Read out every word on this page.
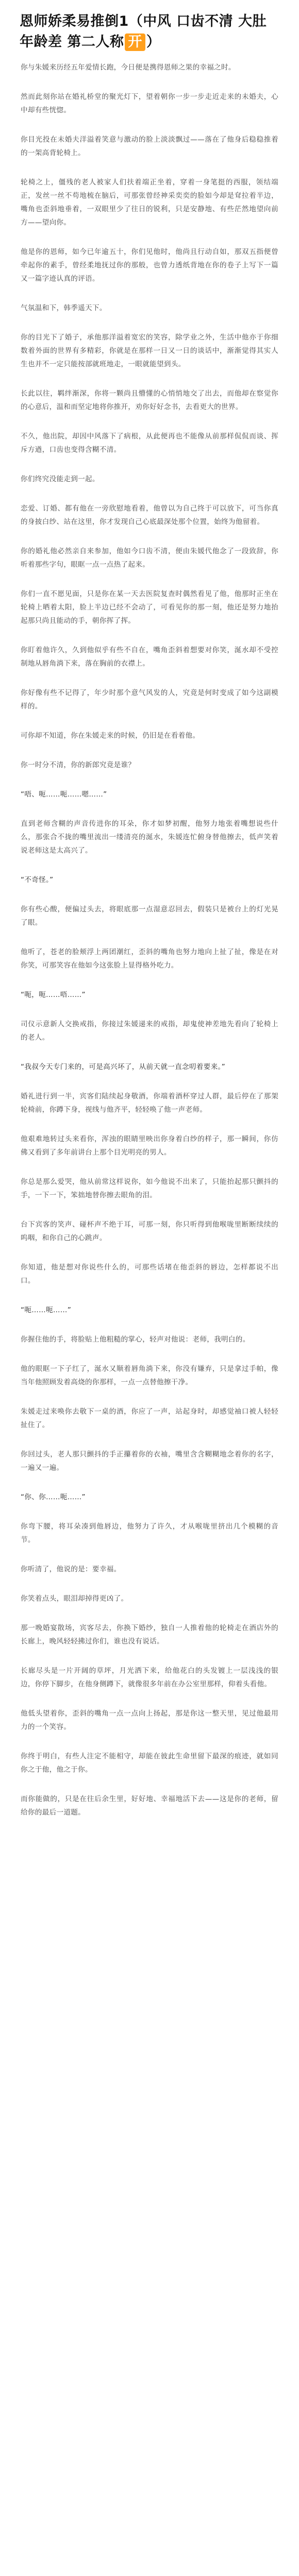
恩师娇柔易推倒1（中风 口齿不清 大肚 年龄差 第二人称 开 ）

你与朱媛来历经五年爱情长跑，今日便是携得恩师之果的幸福之时。

然而此刻你站在婚礼桥堂的聚光灯下，望着朝你一步一步走近走来的未婚夫，心中却有些恍惚。

你目光投在未婚夫洋溢着笑意与激动的脸上淡淡飘过——落在了他身后稳稳推着的一架高背轮椅上。

轮椅之上，僵残的老人被家人们扶着端正坐着，穿着一身笔挺的西服，领结端正，发丝一丝不苟地梳在脑后，可那张曾经神采奕奕的脸如今却是耷拉着半边，嘴角也歪斜地垂着，一双眼里少了往日的锐利，只是安静地、有些茫然地望向前方——望向你。

他是你的恩师，如今已年逾五十，你们见他时，他尚且行动自如，那双五指便曾牵起你的素手，曾经柔地抚过你的那般，也曾力透纸背地在你的卷子上写下一篇又一篇字迹认真的评语。

气氛温和下，韩季遥天下。

你的目光下了婚子，承他那洋溢着宽宏的笑容，除学业之外，生活中他亦于你细数着外面的世界有多精彩，你就是在那样一日又一日的谈话中，渐渐觉得其实人生也并不一定只能按部就班地走，一眼就能望到头。

长此以往，羁绊渐深，你将一颗尚且懵懂的心悄悄地交了出去，而他却在察觉你的心意后，温和而坚定地将你推开，劝你好好念书，去看更大的世界。

不久，他出院，却因中风落下了病根，从此便再也不能像从前那样侃侃而谈、挥斥方遒，口齿也变得含糊不清。

你们终究没能走到一起。

恋爱、订婚、都有他在一旁欣慰地看着，他曾以为自己终于可以放下，可当你真的身披白纱、站在这里，你才发现自己心底最深处那个位置，始终为他留着。

你的婚礼他必然亲自来参加，他如今口齿不清，便由朱媛代他念了一段致辞，你听着那些字句，眼眶一点一点热了起来。

你们一直不愿见面，只是你在某一天去医院复查时偶然看见了他，他那时正坐在轮椅上晒着太阳，脸上半边已经不会动了，可看见你的那一刻，他还是努力地抬起那只尚且能动的手，朝你挥了挥。

你盯着他许久，久到他似乎有些不自在，嘴角歪斜着想要对你笑，涎水却不受控制地从唇角淌下来，落在胸前的衣襟上。

你好像有些不记得了，年少时那个意气风发的人，究竟是何时变成了如今这副模样的。

可你却不知道，你在朱媛走来的时候，仍旧是在看着他。

你一时分不清，你的新郎究竟是谁？

“唔、呃……呃……嗯……”

直到老师含糊的声音传进你的耳朵，你才如梦初醒，他努力地张着嘴想说些什么，那张合不拢的嘴里流出一缕清亮的涎水，朱媛连忙俯身替他擦去，低声笑着说老师这是太高兴了。

“不奇怪。”

你有些心酸，便偏过头去，将眼底那一点湿意忍回去，假装只是被台上的灯光晃了眼。

他听了，苍老的脸颊浮上两团潮红，歪斜的嘴角也努力地向上扯了扯，像是在对你笑，可那笑容在他如今这张脸上显得格外吃力。

“呃，呃……唔……”

司仪示意新人交换戒指，你接过朱媛递来的戒指，却鬼使神差地先看向了轮椅上的老人。

“我叔今天专门来的，可是高兴坏了，从前天就一直念叨着要来。”

婚礼进行到一半，宾客们陆续起身敬酒，你端着酒杯穿过人群，最后停在了那架轮椅前，你蹲下身，视线与他齐平，轻轻唤了他一声老师。

他艰难地转过头来看你，浑浊的眼睛里映出你身着白纱的样子，那一瞬间，你仿佛又看到了多年前讲台上那个目光明亮的男人。

你总是那么爱哭，他从前常这样说你，如今他说不出来了，只能抬起那只颤抖的手，一下一下，笨拙地替你擦去眼角的泪。

台下宾客的笑声、碰杯声不绝于耳，可那一刻，你只听得到他喉咙里断断续续的呜咽，和你自己的心跳声。

你知道，他是想对你说些什么的，可那些话堵在他歪斜的唇边，怎样都说不出口。

“呃……呃……”

你握住他的手，将脸贴上他粗糙的掌心，轻声对他说：老师，我明白的。

他的眼眶一下子红了，涎水又顺着唇角淌下来，你没有嫌弃，只是拿过手帕，像当年他照顾发着高烧的你那样，一点一点替他擦干净。

朱媛走过来唤你去敬下一桌的酒，你应了一声，站起身时，却感觉袖口被人轻轻扯住了。

你回过头，老人那只颤抖的手正攥着你的衣袖，嘴里含含糊糊地念着你的名字，一遍又一遍。

“你、你……呃……”

你弯下腰，将耳朵凑到他唇边，他努力了许久，才从喉咙里挤出几个模糊的音节。

你听清了，他说的是：要幸福。

你笑着点头，眼泪却掉得更凶了。

那一晚婚宴散场，宾客尽去，你换下婚纱，独自一人推着他的轮椅走在酒店外的长廊上，晚风轻轻拂过你们，谁也没有说话。

长廊尽头是一片开阔的草坪，月光洒下来，给他花白的头发镀上一层浅浅的银边，你停下脚步，在他身侧蹲下，就像很多年前在办公室里那样，仰着头看他。

他低头望着你，歪斜的嘴角一点一点向上扬起，那是你这一整天里，见过他最用力的一个笑容。

你终于明白，有些人注定不能相守，却能在彼此生命里留下最深的痕迹，就如同你之于他，他之于你。

而你能做的，只是在往后余生里，好好地、幸福地活下去——这是你的老师，留给你的最后一道题。
